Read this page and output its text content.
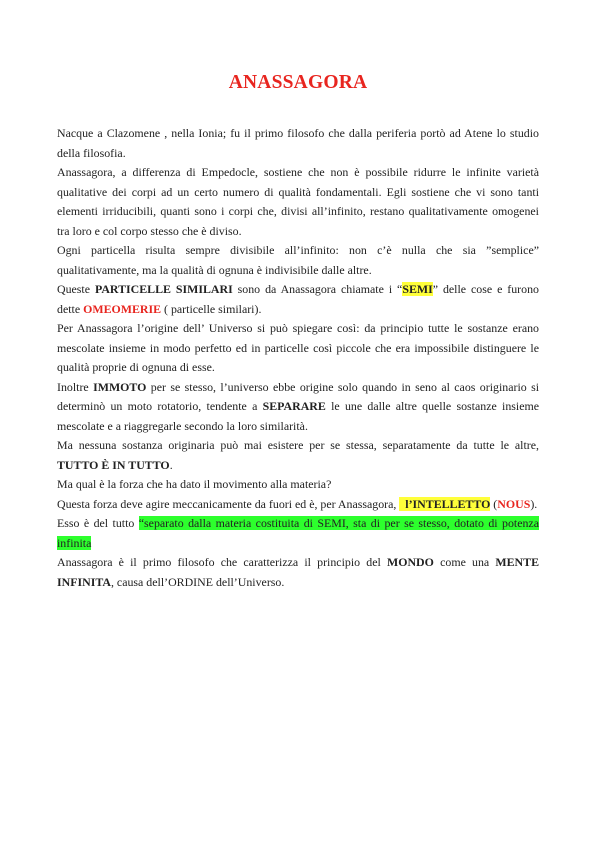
ANASSAGORA

Nacque a Clazomene , nella Ionia; fu il primo filosofo che dalla periferia portò ad Atene lo studio della filosofia.

Anassagora, a differenza di Empedocle, sostiene che non è possibile ridurre le infinite varietà qualitative dei corpi ad un certo numero di qualità fondamentali. Egli sostiene che vi sono tanti elementi irriducibili, quanti sono i corpi che, divisi all’infinito, restano qualitativamente omogenei tra loro e col corpo stesso che è diviso.

Ogni particella risulta sempre divisibile all’infinito: non c’è nulla che sia ”semplice” qualitativamente, ma la qualità di ognuna è indivisibile dalle altre.

Queste PARTICELLE SIMILARI sono da Anassagora chiamate i “SEMI” delle cose e furono dette OMEOMERIE ( particelle similari).

Per Anassagora l’origine dell’ Universo si può spiegare così: da principio tutte le sostanze erano mescolate insieme in modo perfetto ed in particelle così piccole che era impossibile distinguere le qualità proprie di ognuna di esse.

Inoltre IMMOTO per se stesso, l’universo ebbe origine solo quando in seno al caos originario si determinò un moto rotatorio, tendente a SEPARARE le une dalle altre quelle sostanze insieme mescolate e a riaggregarle secondo la loro similarità.

Ma nessuna sostanza originaria può mai esistere per se stessa, separatamente da tutte le altre, TUTTO È IN TUTTO.

Ma qual è la forza che ha dato il movimento alla materia?

Questa forza deve agire meccanicamente da fuori ed è, per Anassagora,   l’INTELLETTO (NOUS).

Esso è del tutto “separato dalla materia costituita di SEMI, sta di per se stesso, dotato di potenza infinita

Anassagora è il primo filosofo che caratterizza il principio del MONDO come una MENTE INFINITA, causa dell’ORDINE dell’Universo.
